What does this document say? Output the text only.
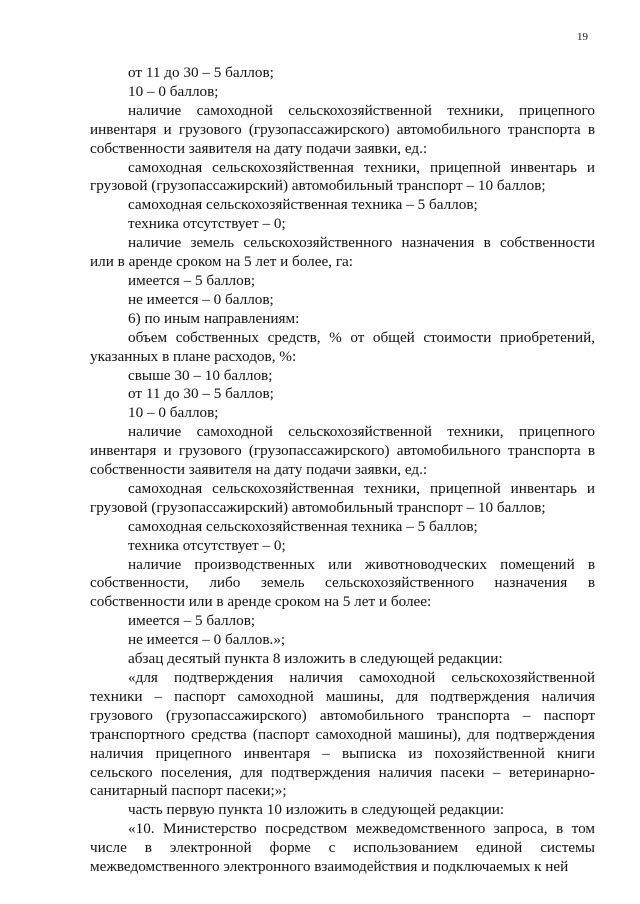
19

от 11 до 30 – 5 баллов;

10 – 0 баллов;

наличие самоходной сельскохозяйственной техники, прицепного инвентаря и грузового (грузопассажирского) автомобильного транспорта в собственности заявителя на дату подачи заявки, ед.:

самоходная сельскохозяйственная техники, прицепной инвентарь и грузовой (грузопассажирский) автомобильный транспорт – 10 баллов;

самоходная сельскохозяйственная техника – 5 баллов;

техника отсутствует – 0;

наличие земель сельскохозяйственного назначения в собственности или в аренде сроком на 5 лет и более, га:

имеется – 5 баллов;

не имеется – 0 баллов;

6) по иным направлениям:

объем собственных средств, % от общей стоимости приобретений, указанных в плане расходов, %:

свыше 30 – 10 баллов;

от 11 до 30 – 5 баллов;

10 – 0 баллов;

наличие самоходной сельскохозяйственной техники, прицепного инвентаря и грузового (грузопассажирского) автомобильного транспорта в собственности заявителя на дату подачи заявки, ед.:

самоходная сельскохозяйственная техники, прицепной инвентарь и грузовой (грузопассажирский) автомобильный транспорт – 10 баллов;

самоходная сельскохозяйственная техника – 5 баллов;

техника отсутствует – 0;

наличие производственных или животноводческих помещений в собственности, либо земель сельскохозяйственного назначения в собственности или в аренде сроком на 5 лет и более:

имеется – 5 баллов;

не имеется – 0 баллов.»;

абзац десятый пункта 8 изложить в следующей редакции:

«для подтверждения наличия самоходной сельскохозяйственной техники – паспорт самоходной машины, для подтверждения наличия грузового (грузопассажирского) автомобильного транспорта – паспорт транспортного средства (паспорт самоходной машины), для подтверждения наличия прицепного инвентаря – выписка из похозяйственной книги сельского поселения, для подтверждения наличия пасеки – ветеринарно-санитарный паспорт пасеки;»;

часть первую пункта 10 изложить в следующей редакции:

«10. Министерство посредством межведомственного запроса, в том числе в электронной форме с использованием единой системы межведомственного электронного взаимодействия и подключаемых к ней
